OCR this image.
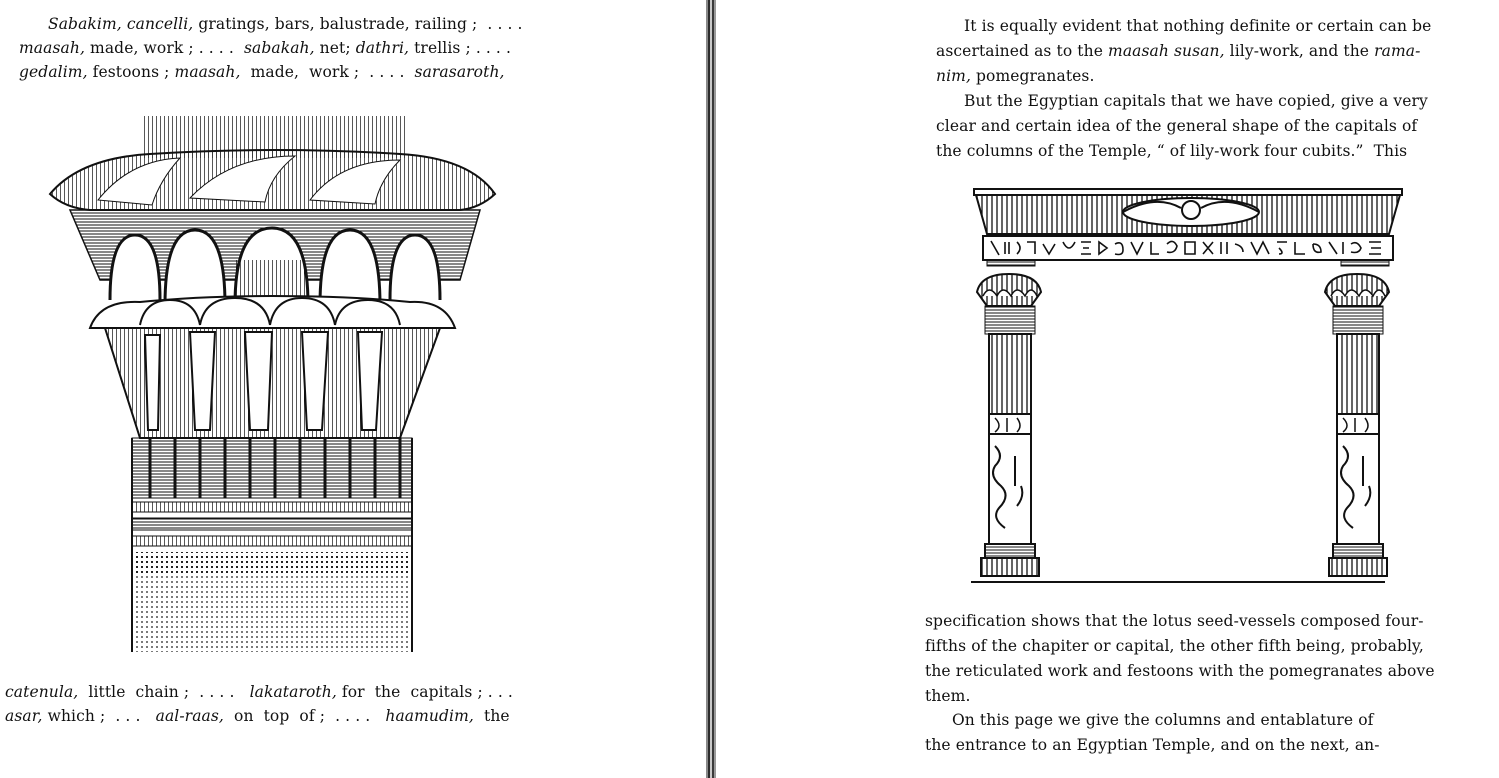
Sabakim, cancelli, gratings, bars, balustrade, railing ;  . . . .
maasah, made, work ; . . . .  sabakah, net; dathri, trellis ; . . . .
gedalim, festoons ; maasah,  made,  work ;  . . . .  sarasaroth,
catenula,  little  chain ;  . . . .   lakataroth, for  the  capitals ; . . .
asar, which ;  . . .   aal-raas,  on  top  of ;  . . . .   haamudim,  the
It is equally evident that nothing definite or certain can be
ascertained as to the maasah susan, lily-work, and the rama-
nim, pomegranates.
But the Egyptian capitals that we have copied, give a very
clear and certain idea of the general shape of the capitals of
the columns of the Temple, “ of lily-work four cubits.”  This
specification shows that the lotus seed-vessels composed four-
fifths of the chapiter or capital, the other fifth being, probably,
the reticulated work and festoons with the pomegranates above
them.
On this page we give the columns and entablature of
the entrance to an Egyptian Temple, and on the next, an-
